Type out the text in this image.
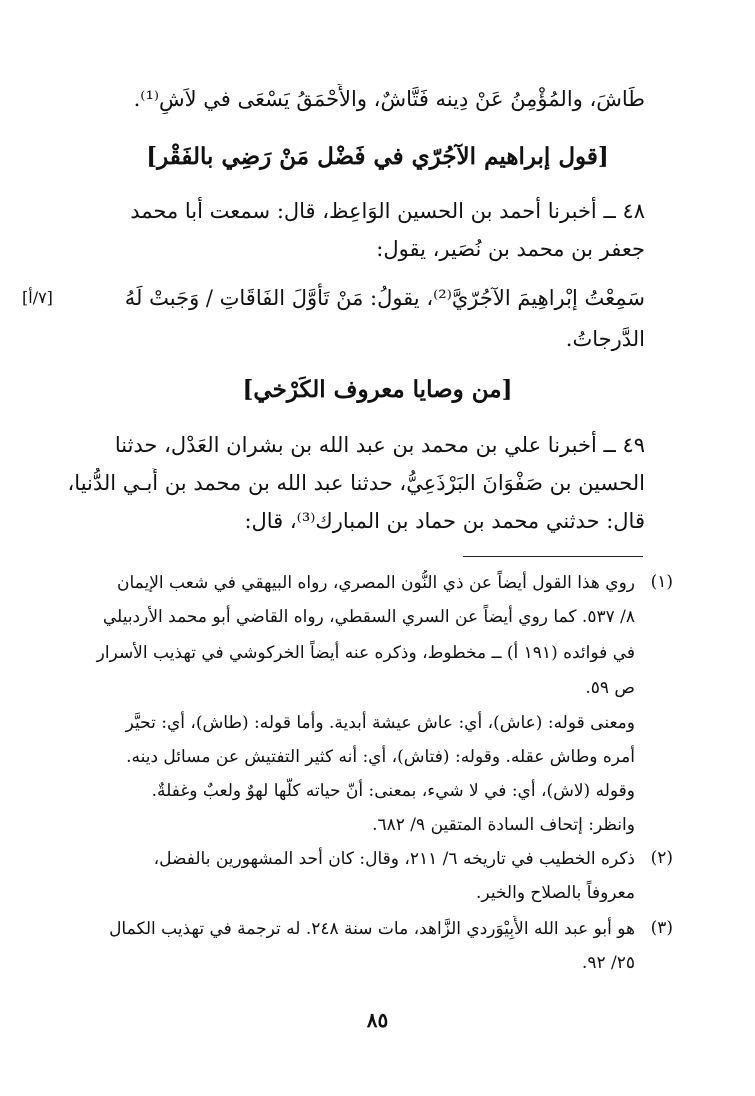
طَاشَ، والمُؤْمِنُ عَنْ دِينه فَتَّاشٌ، والأَحْمَقُ يَسْعَى في لاَشٍ⁽¹⁾.
[قول إبراهيم الآجُرّي في فَضْل مَنْ رَضِي بالفَقْر]
٤٨ ــ أخبرنا أحمد بن الحسين الوَاعِظ، قال: سمعت أبا محمد
جعفر بن محمد بن نُصَير، يقول:
سَمِعْتُ إبْراهِيمَ الآجُرّيَّ⁽²⁾، يقولُ: مَنْ تَأَوَّلَ الفَاقَاتِ / وَجَبتْ لَهُ
[٧/أ]
الدَّرجاتُ.
[من وصايا معروف الكَرْخي]
٤٩ ــ أخبرنا علي بن محمد بن عبد الله بن بشران العَدْل، حدثنا
الحسين بن صَفْوَانَ البَرْذَعِيُّ، حدثنا عبد الله بن محمد بن أَبـي الدُّنيا،
قال: حدثني محمد بن حماد بن المبارك⁽³⁾، قال:
(١)
روي هذا القول أيضاً عن ذي النُّون المصري، رواه البيهقي في شعب الإيمان
٨/ ٥٣٧. كما روي أيضاً عن السري السقطي، رواه القاضي أبو محمد الأردبيلي
في فوائده (١٩١ أ) ــ مخطوط، وذكره عنه أيضاً الخركوشي في تهذيب الأسرار
ص ٥٩.
ومعنى قوله: (عاش)، أي: عاش عيشة أبدية. وأما قوله: (طاش)، أي: تحيَّر
أمره وطاش عقله. وقوله: (فتاش)، أي: أنه كثير التفتيش عن مسائل دينه.
وقوله (لاش)، أي: في لا شيء، بمعنى: أنّ حياته كلّها لهوٌ ولعبٌ وغفلةٌ.
وانظر: إتحاف السادة المتقين ٩/ ٦٨٢.
(٢)
ذكره الخطيب في تاريخه ٦/ ٢١١، وقال: كان أحد المشهورين بالفضل،
معروفاً بالصلاح والخير.
(٣)
هو أبو عبد الله الأَبِيْوَردي الزَّاهد، مات سنة ٢٤٨. له ترجمة في تهذيب الكمال
٢٥/ ٩٢.
٨٥
